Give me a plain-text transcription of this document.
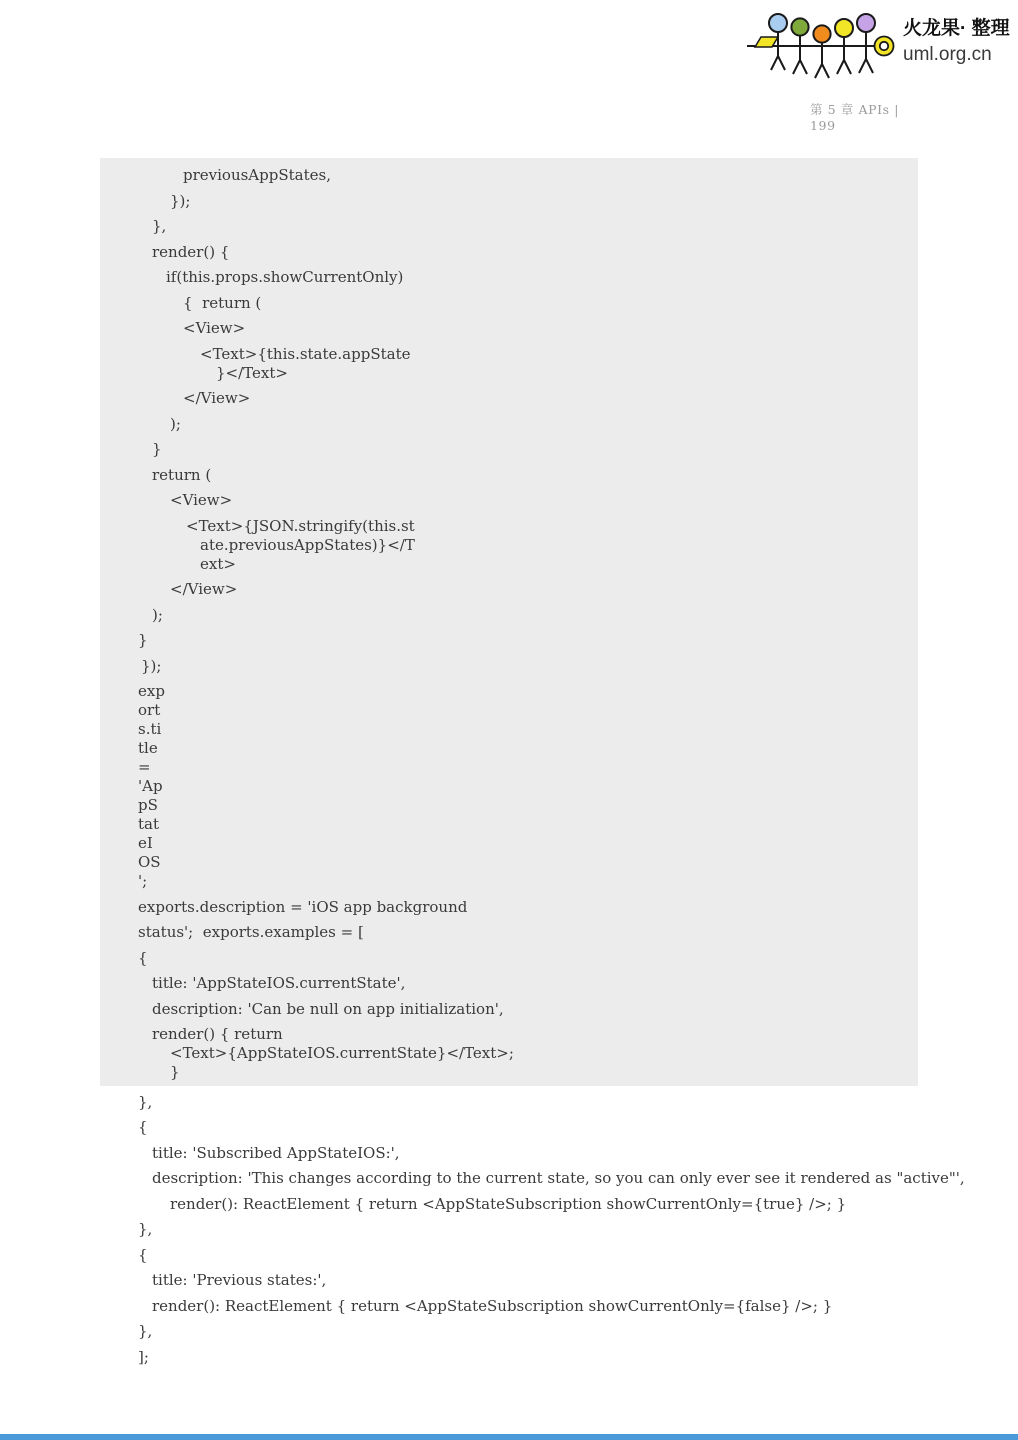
火龙果· 整理
uml.org.cn
第 5 章 APIs |
199
previousAppStates,
});
},
render() {
if(this.props.showCurrentOnly)
{  return (
<View>
<Text>{this.state.appState
}</Text>
</View>
);
}
return (
<View>
<Text>{JSON.stringify(this.st
ate.previousAppStates)}</T
ext>
</View>
);
}
});
exp
ort
s.ti
tle
=
'Ap
pS
tat
eI
OS
';
exports.description = 'iOS app background
status';  exports.examples = [
{
title: 'AppStateIOS.currentState',
description: 'Can be null on app initialization',
render() { return
<Text>{AppStateIOS.currentState}</Text>;
}
},
{
title: 'Subscribed AppStateIOS:',
description: 'This changes according to the current state, so you can only ever see it rendered as "active"',
render(): ReactElement { return <AppStateSubscription showCurrentOnly={true} />; }
},
{
title: 'Previous states:',
render(): ReactElement { return <AppStateSubscription showCurrentOnly={false} />; }
},
];
